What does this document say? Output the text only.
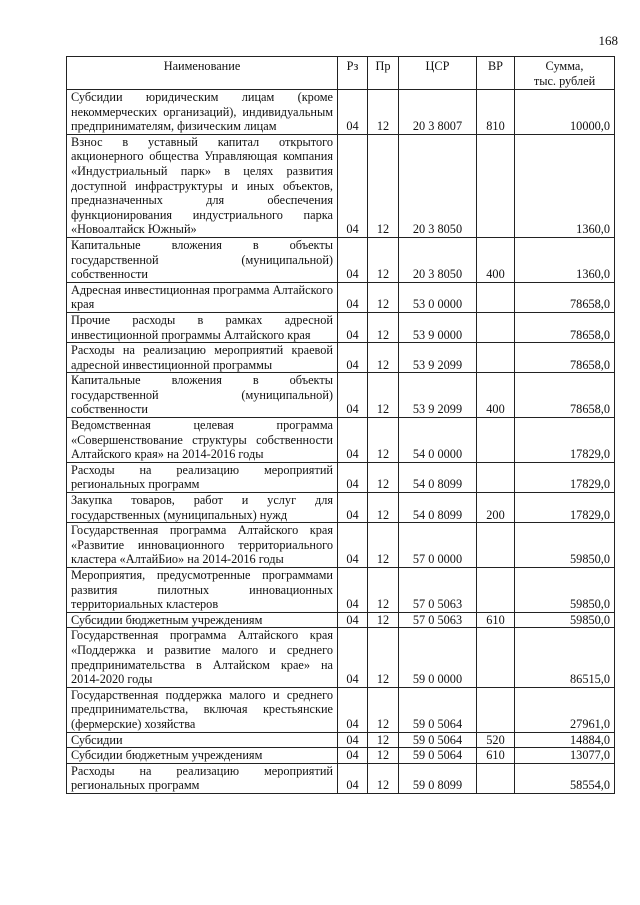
168
Наименование	Рз	Пр	ЦСР	ВР	Сумма,
тыс. рублей

Субсидии юридическим лицам (кроме некоммерческих организаций), индивидуальным предпринимателям, физическим лицам	04	12	20 3 8007	810	10000,0
Взнос в уставный капитал открытого акционерного общества Управляющая компания «Индустриальный парк» в целях развития доступной инфраструктуры и иных объектов, предназначенных для обеспечения функционирования индустриального парка «Новоалтайск Южный»	04	12	20 3 8050		1360,0
Капитальные вложения в объекты государственной (муниципальной) собственности	04	12	20 3 8050	400	1360,0
Адресная инвестиционная программа Алтайского края	04	12	53 0 0000		78658,0
Прочие расходы в рамках адресной инвестиционной программы Алтайского края	04	12	53 9 0000		78658,0
Расходы на реализацию мероприятий краевой адресной инвестиционной программы	04	12	53 9 2099		78658,0
Капитальные вложения в объекты государственной (муниципальной) собственности	04	12	53 9 2099	400	78658,0
Ведомственная целевая программа «Совершенствование структуры собственности Алтайского края» на 2014-2016 годы	04	12	54 0 0000		17829,0
Расходы на реализацию мероприятий региональных программ	04	12	54 0 8099		17829,0
Закупка товаров, работ и услуг для государственных (муниципальных) нужд	04	12	54 0 8099	200	17829,0
Государственная программа Алтайского края «Развитие инновационного территориального кластера «АлтайБио» на 2014-2016 годы	04	12	57 0 0000		59850,0
Мероприятия, предусмотренные программами развития пилотных инновационных территориальных кластеров	04	12	57 0 5063		59850,0
Субсидии бюджетным учреждениям	04	12	57 0 5063	610	59850,0
Государственная программа Алтайского края «Поддержка и развитие малого и среднего предпринимательства в Алтайском крае» на 2014-2020 годы	04	12	59 0 0000		86515,0
Государственная поддержка малого и среднего предпринимательства, включая крестьянские (фермерские) хозяйства	04	12	59 0 5064		27961,0
Субсидии	04	12	59 0 5064	520	14884,0
Субсидии бюджетным учреждениям	04	12	59 0 5064	610	13077,0
Расходы на реализацию мероприятий региональных программ	04	12	59 0 8099		58554,0
